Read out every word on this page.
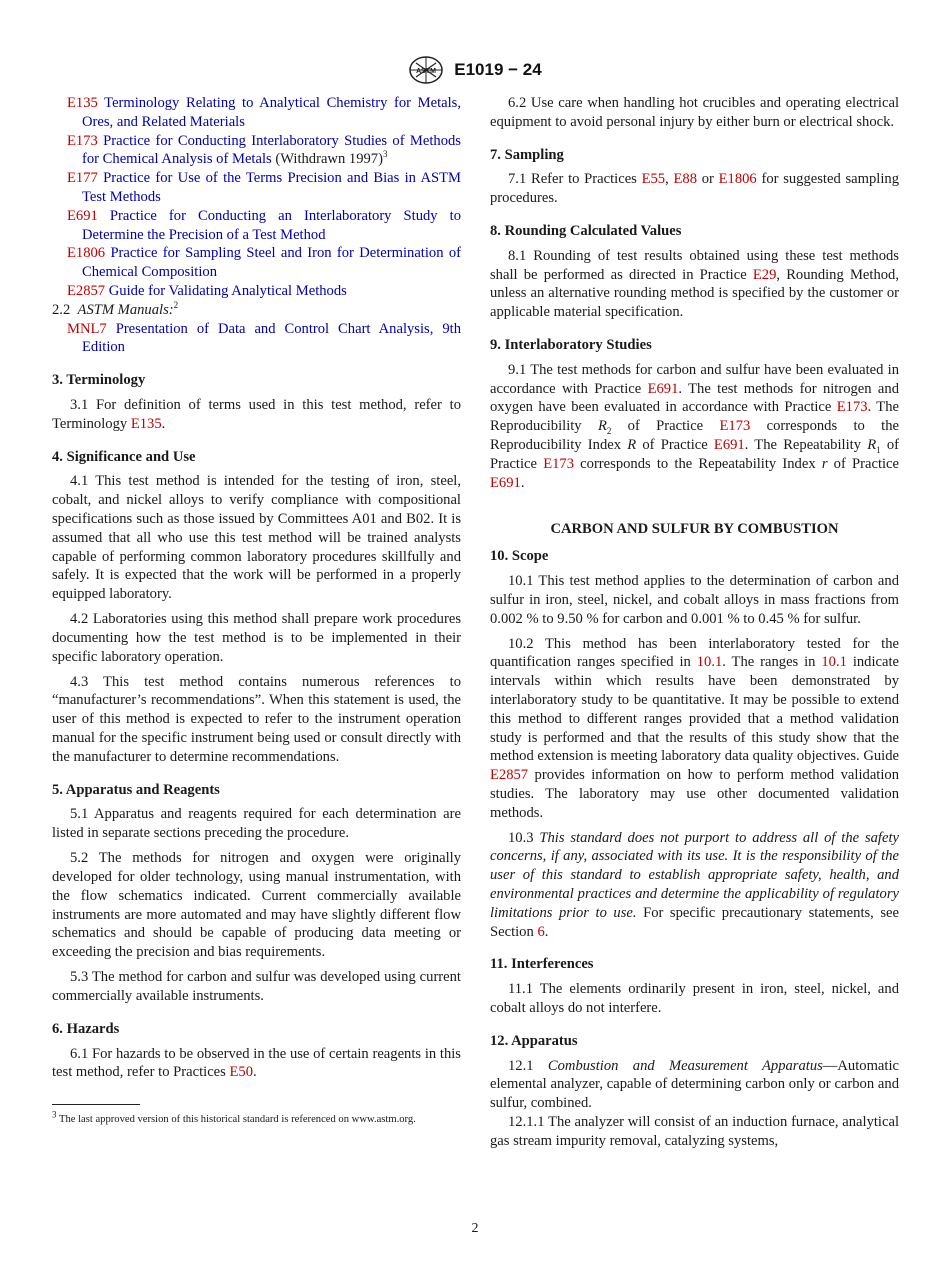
ASTM E1019 − 24

E135 Terminology Relating to Analytical Chemistry for Metals, Ores, and Related Materials

E173 Practice for Conducting Interlaboratory Studies of Methods for Chemical Analysis of Metals (Withdrawn 1997)$^3$

E177 Practice for Use of the Terms Precision and Bias in ASTM Test Methods

E691 Practice for Conducting an Interlaboratory Study to Determine the Precision of a Test Method

E1806 Practice for Sampling Steel and Iron for Determination of Chemical Composition

E2857 Guide for Validating Analytical Methods

2.2 ASTM Manuals:$^2$

MNL7 Presentation of Data and Control Chart Analysis, 9th Edition

3. Terminology

3.1 For definition of terms used in this test method, refer to Terminology E135.

4. Significance and Use

4.1 This test method is intended for the testing of iron, steel, cobalt, and nickel alloys to verify compliance with compositional specifications such as those issued by Committees A01 and B02. It is assumed that all who use this test method will be trained analysts capable of performing common laboratory procedures skillfully and safely. It is expected that the work will be performed in a properly equipped laboratory.

4.2 Laboratories using this method shall prepare work procedures documenting how the test method is to be implemented in their specific laboratory operation.

4.3 This test method contains numerous references to “manufacturer’s recommendations”. When this statement is used, the user of this method is expected to refer to the instrument operation manual for the specific instrument being used or consult directly with the manufacturer to determine recommendations.

5. Apparatus and Reagents

5.1 Apparatus and reagents required for each determination are listed in separate sections preceding the procedure.

5.2 The methods for nitrogen and oxygen were originally developed for older technology, using manual instrumentation, with the flow schematics indicated. Current commercially available instruments are more automated and may have slightly different flow schematics and should be capable of producing data meeting or exceeding the precision and bias requirements.

5.3 The method for carbon and sulfur was developed using current commercially available instruments.

6. Hazards

6.1 For hazards to be observed in the use of certain reagents in this test method, refer to Practices E50.

$^3$ The last approved version of this historical standard is referenced on www.astm.org.

6.2 Use care when handling hot crucibles and operating electrical equipment to avoid personal injury by either burn or electrical shock.

7. Sampling

7.1 Refer to Practices E55, E88 or E1806 for suggested sampling procedures.

8. Rounding Calculated Values

8.1 Rounding of test results obtained using these test methods shall be performed as directed in Practice E29, Rounding Method, unless an alternative rounding method is specified by the customer or applicable material specification.

9. Interlaboratory Studies

9.1 The test methods for carbon and sulfur have been evaluated in accordance with Practice E691. The test methods for nitrogen and oxygen have been evaluated in accordance with Practice E173. The Reproducibility $R_2$ of Practice E173 corresponds to the Reproducibility Index R of Practice E691. The Repeatability $R_1$ of Practice E173 corresponds to the Repeatability Index r of Practice E691.

CARBON AND SULFUR BY COMBUSTION
10. Scope

10.1 This test method applies to the determination of carbon and sulfur in iron, steel, nickel, and cobalt alloys in mass fractions from 0.002 % to 9.50 % for carbon and 0.001 % to 0.45 % for sulfur.

10.2 This method has been interlaboratory tested for the quantification ranges specified in 10.1. The ranges in 10.1 indicate intervals within which results have been demonstrated by interlaboratory study to be quantitative. It may be possible to extend this method to different ranges provided that a method validation study is performed and that the results of this study show that the method extension is meeting laboratory data quality objectives. Guide E2857 provides information on how to perform method validation studies. The laboratory may use other documented validation methods.

10.3 This standard does not purport to address all of the safety concerns, if any, associated with its use. It is the responsibility of the user of this standard to establish appropriate safety, health, and environmental practices and determine the applicability of regulatory limitations prior to use. For specific precautionary statements, see Section 6.

11. Interferences

11.1 The elements ordinarily present in iron, steel, nickel, and cobalt alloys do not interfere.

12. Apparatus

12.1 Combustion and Measurement Apparatus—Automatic elemental analyzer, capable of determining carbon only or carbon and sulfur, combined.

12.1.1 The analyzer will consist of an induction furnace, analytical gas stream impurity removal, catalyzing systems,

2
